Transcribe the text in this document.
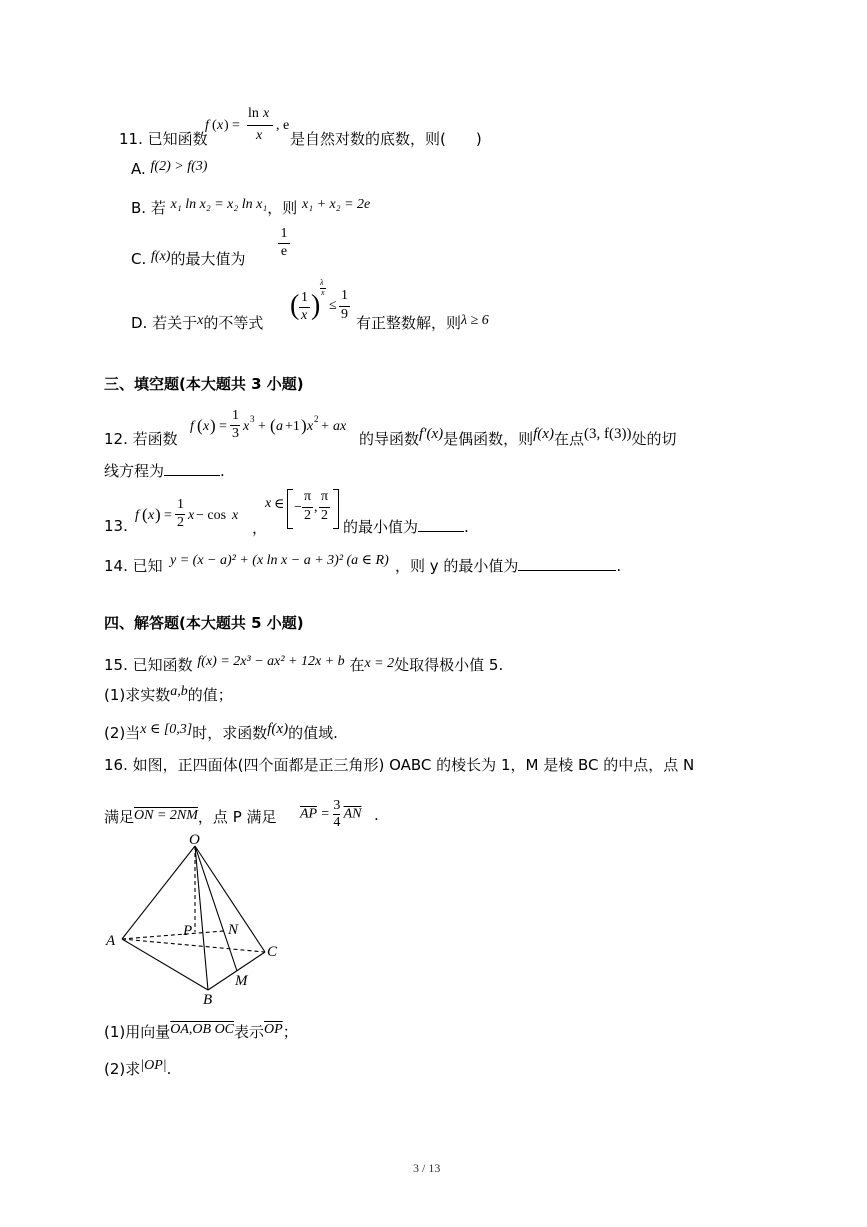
11. 已知函数
f ( x ) =
ln x
x
, e
是自然对数的底数，则(　　)
A. f(2) > f(3)
B. 若 x₁ ln x₂ = x₂ ln x₁，则 x₁ + x₂ = 2e
C. f(x)的最大值为
1
e
D. 若关于x的不等式
( 1
x )
λ
x
≤
1
9 有正整数解，则λ ≥ 6
三、填空题(本大题共 3 小题)
12. 若函数
f ( x ) =
1
3 x 3 + ( a +1 ) x 2 + ax
的导函数f′(x)是偶函数，则f(x)在点(3, f(3))处的切
线方程为	.
13.
f ( x ) =
1
2 x − cos x
，
x ∈ −
π
2
,
π
2
的最小值为	.
14. 已知 y = (x − a)² + (x ln x − a + 3)² (a ∈ R) ，则 y 的最小值为	.
四、解答题(本大题共 5 小题)
15. 已知函数 f(x) = 2x³ − ax² + 12x + b 在x = 2处取得极小值 5.
(1)求实数a,b的值；
(2)当x ∈ [0,3]时，求函数f(x)的值域.
16. 如图，正四面体(四个面都是正三角形) OABC 的棱长为 1，M 是棱 BC 的中点，点 N
满足ON = 2NM，点 P 满足 $\overline{AP} = \frac{3}{4} \overline{AN}$ .
O
A
B
C
P N
M
(1)用向量OA,OB OC表示$\overline{OP}$；
(2)求|OP|.
3 / 13
